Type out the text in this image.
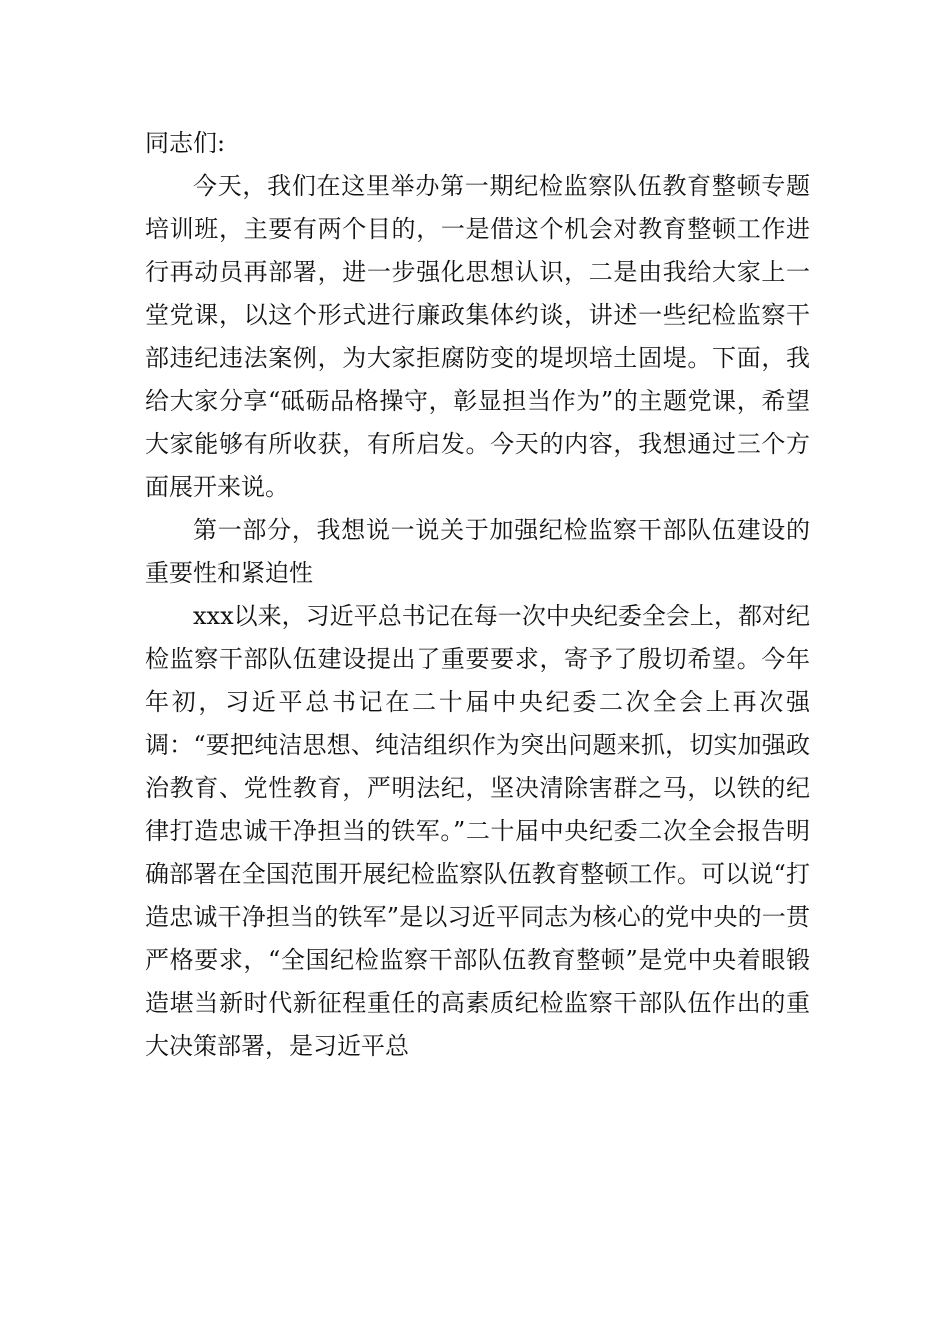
同志们:

今天，我们在这里举办第一期纪检监察队伍教育整顿专题培训班，主要有两个目的，一是借这个机会对教育整顿工作进行再动员再部署，进一步强化思想认识，二是由我给大家上一堂党课，以这个形式进行廉政集体约谈，讲述一些纪检监察干部违纪违法案例，为大家拒腐防变的堤坝培土固堤。下面，我给大家分享“砥砺品格操守，彰显担当作为”的主题党课，希望大家能够有所收获，有所启发。今天的内容，我想通过三个方面展开来说。

第一部分，我想说一说关于加强纪检监察干部队伍建设的重要性和紧迫性

xxx以来，习近平总书记在每一次中央纪委全会上，都对纪检监察干部队伍建设提出了重要要求，寄予了殷切希望。今年年初，习近平总书记在二十届中央纪委二次全会上再次强调：“要把纯洁思想、纯洁组织作为突出问题来抓，切实加强政治教育、党性教育，严明法纪，坚决清除害群之马，以铁的纪律打造忠诚干净担当的铁军。”二十届中央纪委二次全会报告明确部署在全国范围开展纪检监察队伍教育整顿工作。可以说“打造忠诚干净担当的铁军”是以习近平同志为核心的党中央的一贯严格要求，“全国纪检监察干部队伍教育整顿”是党中央着眼锻造堪当新时代新征程重任的高素质纪检监察干部队伍作出的重大决策部署，是习近平总
